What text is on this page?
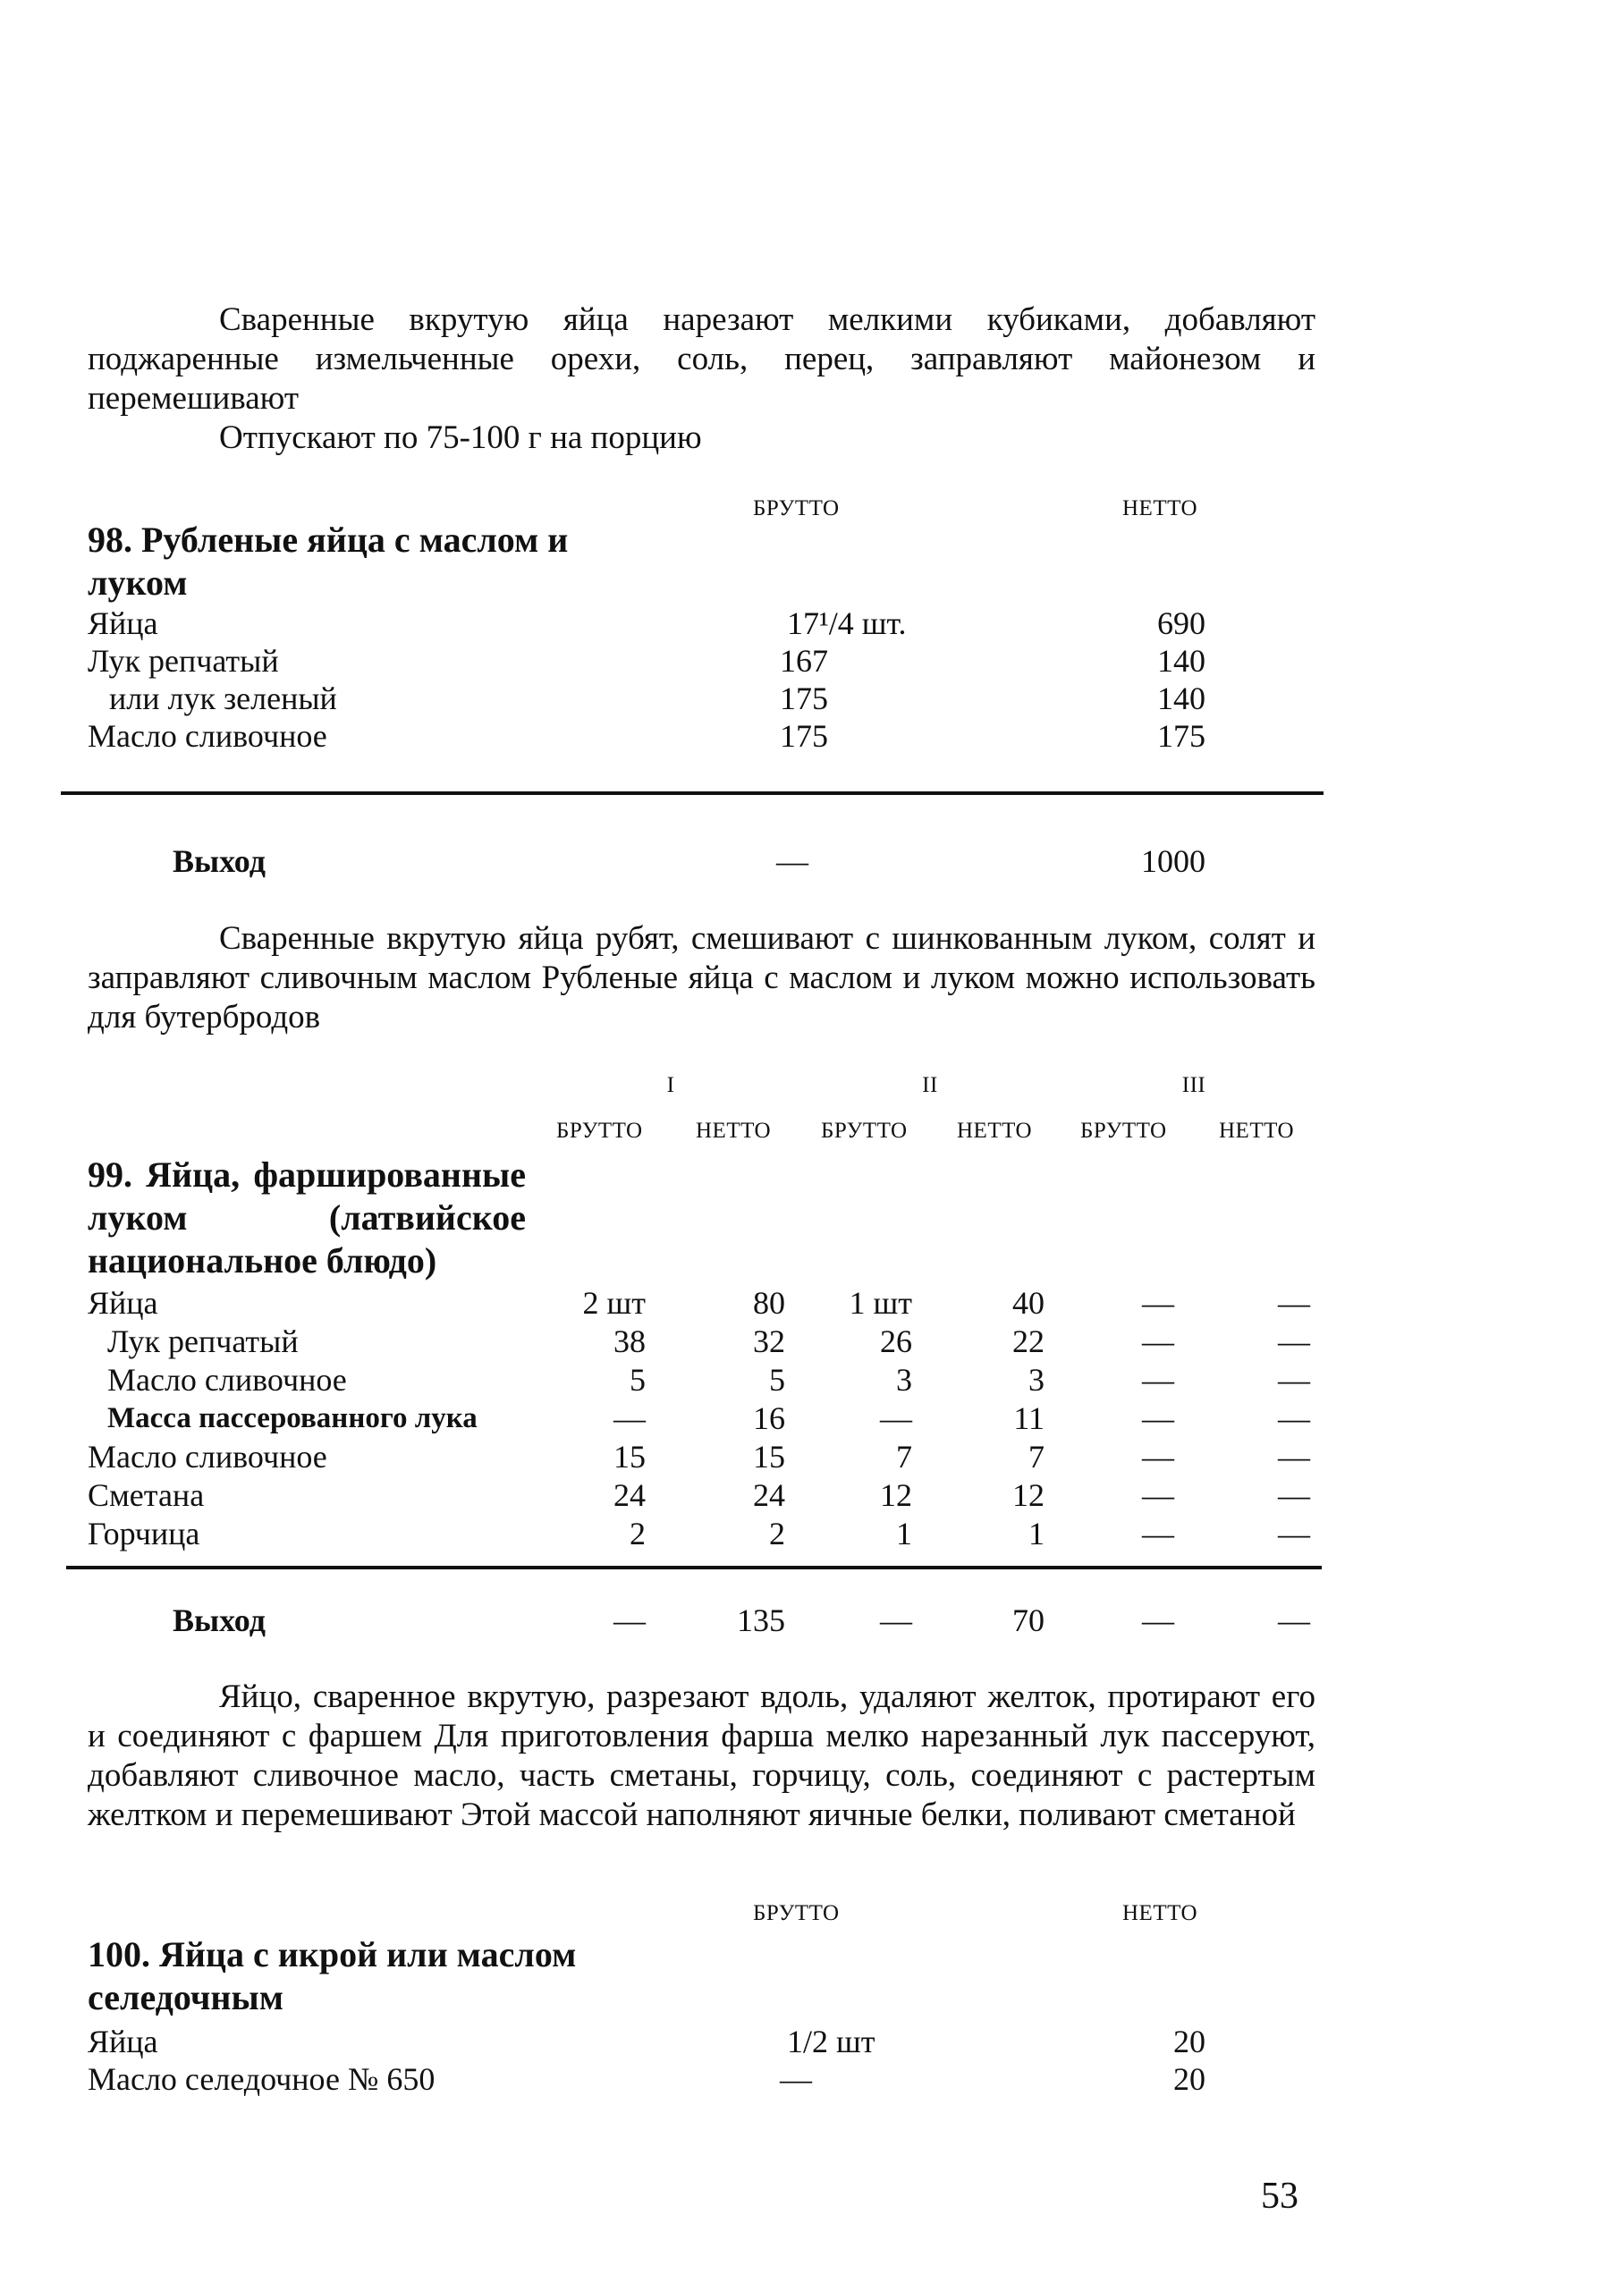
Сваренные вкрутую яйца нарезают мелкими кубиками, добавляют поджаренные измельченные орехи, соль, перец, заправляют майонезом и перемешивают
Отпускают по 75-100 г на порцию
БРУТТО	НЕТТО
98. Рубленые яйца с маслом и
луком
Яйца	17¹/4 шт.	690
Лук репчатый	167	140
или лук зеленый	175	140
Масло сливочное	175	175
Выход	—	1000
Сваренные вкрутую яйца рубят, смешивают с шинкованным луком, солят и заправляют сливочным маслом Рубленые яйца с маслом и луком можно использовать для бутербродов
I	II	III
БРУТТО НЕТТО БРУТТО НЕТТО БРУТТО НЕТТО
99. Яйца, фаршированные луком (латвийское национальное блюдо)
Яйца	2 шт	80	1 шт	40	—	—
Лук репчатый	38	32	26	22	—	—
Масло сливочное	5	5	3	3	—	—
Масса пассерованного лука	—	16	—	11	—	—
Масло сливочное	15	15	7	7	—	—
Сметана	24	24	12	12	—	—
Горчица	2	2	1	1	—	—
Выход	—	135	—	70	—	—
Яйцо, сваренное вкрутую, разрезают вдоль, удаляют желток, протирают его и соединяют с фаршем Для приготовления фарша мелко нарезанный лук пассеруют, добавляют сливочное масло, часть сметаны, горчицу, соль, соединяют с растертым желтком и перемешивают Этой массой наполняют яичные белки, поливают сметаной
БРУТТО	НЕТТО
100. Яйца с икрой или маслом
селедочным
Яйца	1/2 шт	20
Масло селедочное № 650	—	20
53
